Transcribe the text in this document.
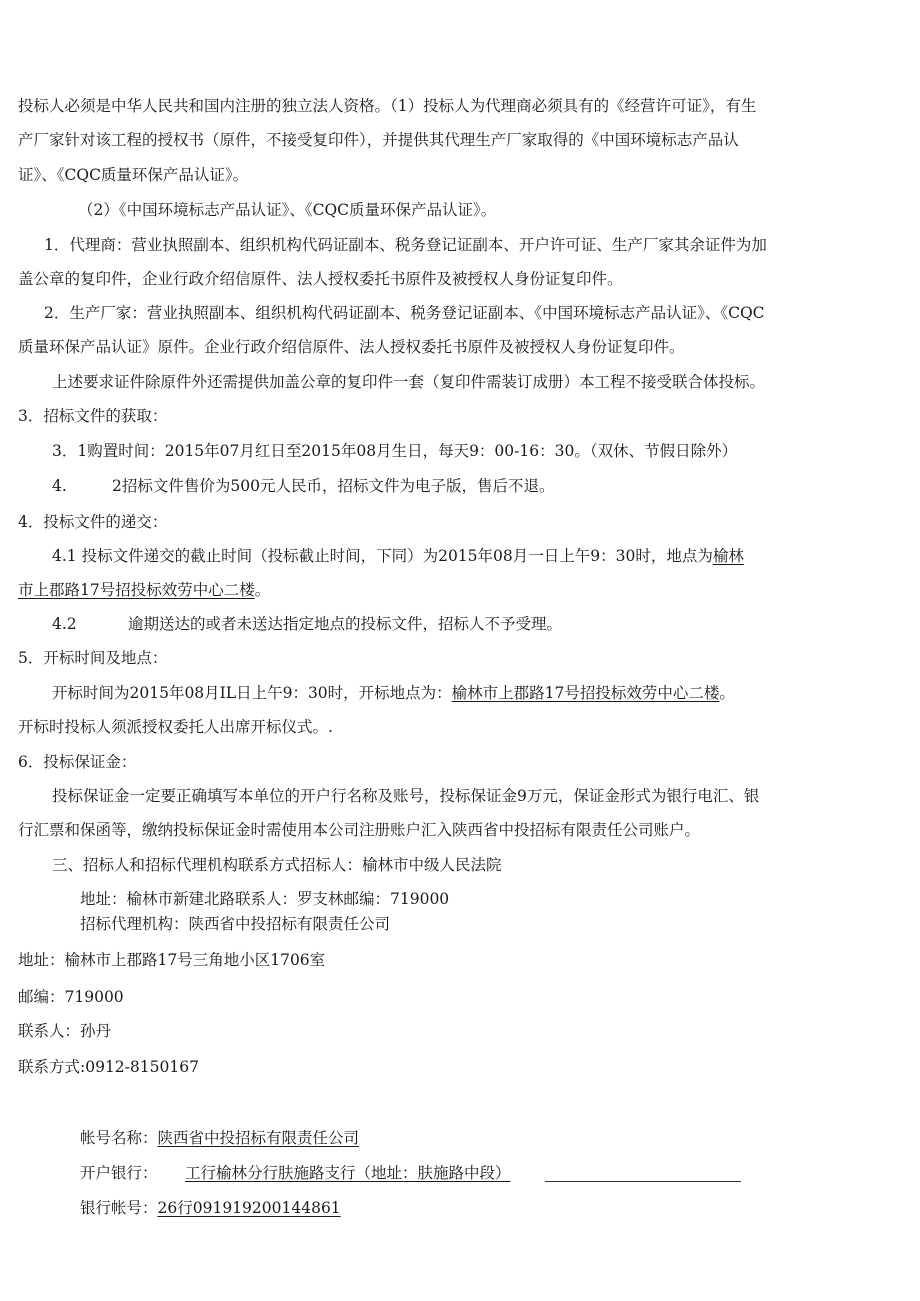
投标人必须是中华人民共和国内注册的独立法人资格。（1）投标人为代理商必须具有的《经营许可证》，有生
产厂家针对该工程的授权书（原件，不接受复印件），并提供其代理生产厂家取得的《中国环境标志产品认
证》、《CQC质量环保产品认证》。
（2）《中国环境标志产品认证》、《CQC质量环保产品认证》。
1．代理商：营业执照副本、组织机构代码证副本、税务登记证副本、开户许可证、生产厂家其余证件为加
盖公章的复印件，企业行政介绍信原件、法人授权委托书原件及被授权人身份证复印件。
2．生产厂家：营业执照副本、组织机构代码证副本、税务登记证副本、《中国环境标志产品认证》、《CQC
质量环保产品认证》原件。企业行政介绍信原件、法人授权委托书原件及被授权人身份证复印件。
上述要求证件除原件外还需提供加盖公章的复印件一套（复印件需装订成册）本工程不接受联合体投标。
3．招标文件的获取：
3．1购置时间：2015年07月红日至2015年08月生日，每天9：00-16：30。（双休、节假日除外）
4.	2招标文件售价为500元人民币，招标文件为电子版，售后不退。
4．投标文件的递交：
4.1 投标文件递交的截止时间（投标截止时间，下同）为2015年08月一日上午9：30时，地点为榆林
市上郡路17号招投标效劳中心二楼。
4.2	逾期送达的或者未送达指定地点的投标文件，招标人不予受理。
5．开标时间及地点：
开标时间为2015年08月IL日上午9：30时，开标地点为：榆林市上郡路17号招投标效劳中心二楼。
开标时投标人须派授权委托人出席开标仪式。.
6．投标保证金：
投标保证金一定要正确填写本单位的开户行名称及账号，投标保证金9万元，保证金形式为银行电汇、银
行汇票和保函等，缴纳投标保证金时需使用本公司注册账户汇入陕西省中投招标有限责任公司账户。
三、招标人和招标代理机构联系方式招标人：榆林市中级人民法院
地址：榆林市新建北路联系人：罗支林邮编：719000
招标代理机构：陕西省中投招标有限责任公司
地址：榆林市上郡路17号三角地小区1706室
邮编：719000
联系人：孙丹
联系方式:0912-8150167
帐号名称：陕西省中投招标有限责任公司
开户银行： 工行榆林分行肤施路支行（地址：肤施路中段）
银行帐号：26行091919200144861
